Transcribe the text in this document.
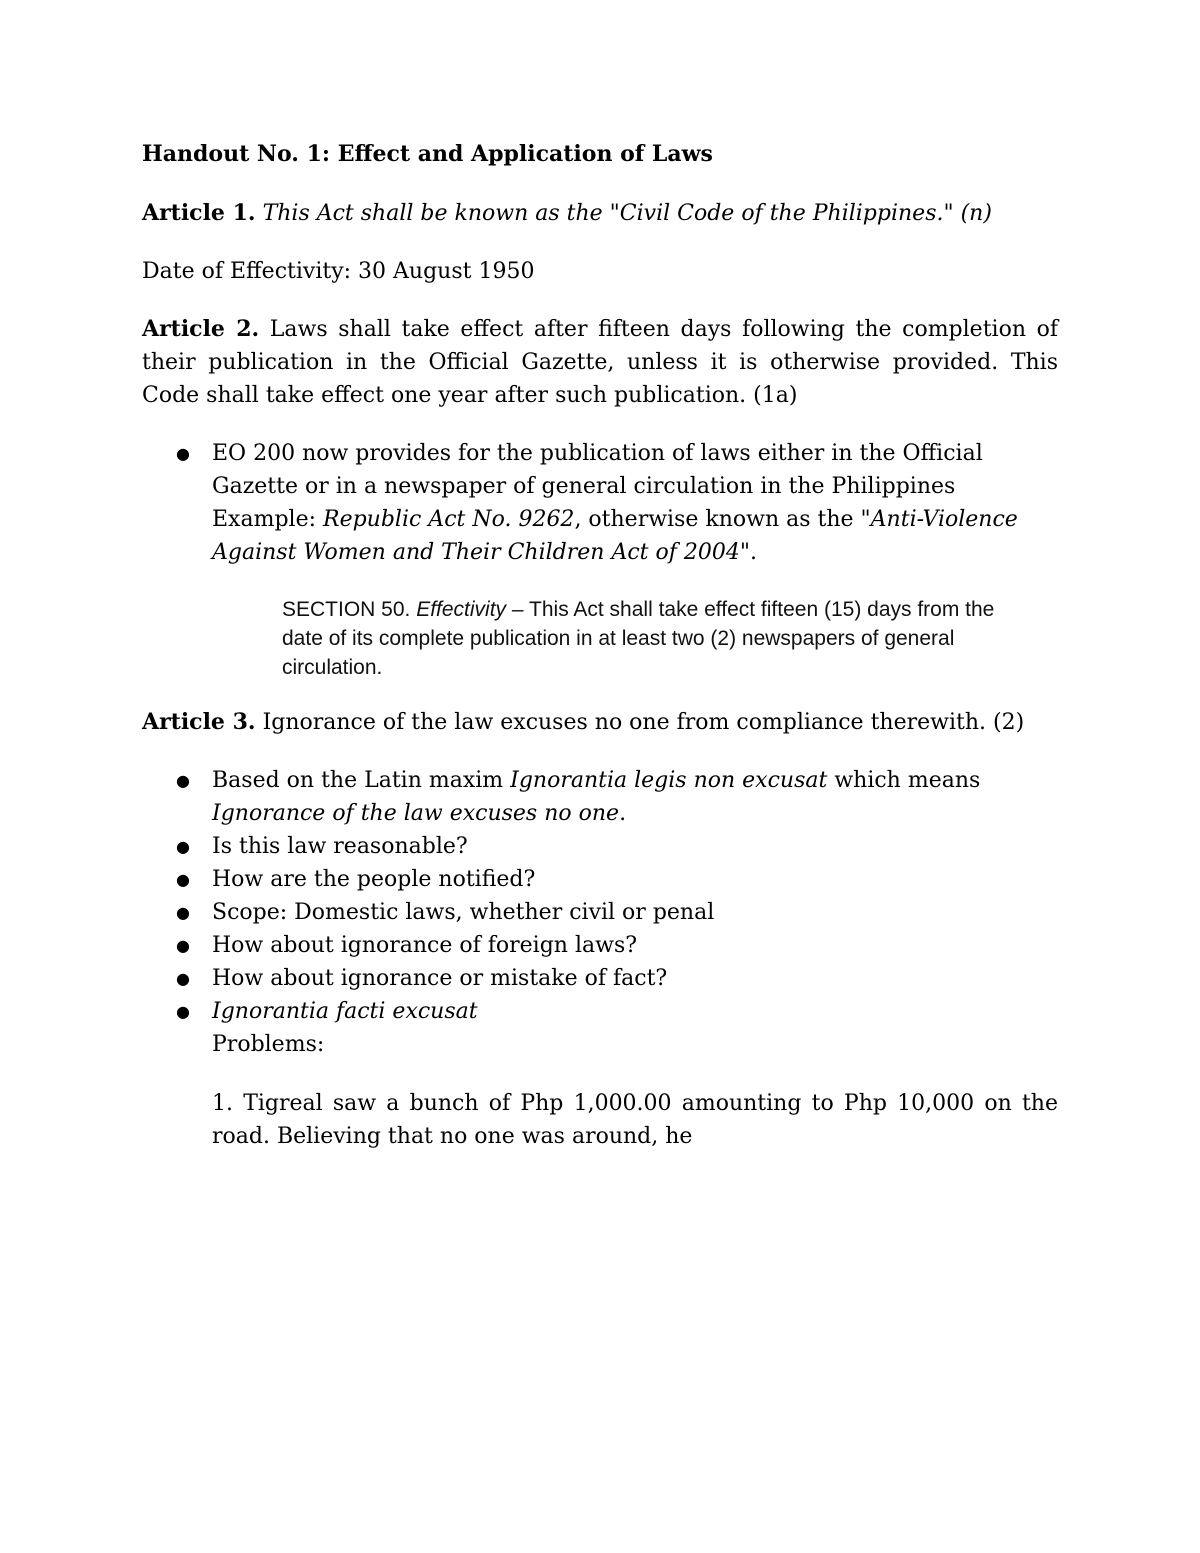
Handout No. 1: Effect and Application of Laws

Article 1. This Act shall be known as the "Civil Code of the Philippines." (n)

Date of Effectivity: 30 August 1950

Article 2. Laws shall take effect after fifteen days following the completion of their publication in the Official Gazette, unless it is otherwise provided. This Code shall take effect one year after such publication. (1a)

● EO 200 now provides for the publication of laws either in the Official Gazette or in a newspaper of general circulation in the Philippines

Example: Republic Act No. 9262, otherwise known as the "Anti-Violence Against Women and Their Children Act of 2004".

SECTION 50. Effectivity – This Act shall take effect fifteen (15) days from the date of its complete publication in at least two (2) newspapers of general circulation.

Article 3. Ignorance of the law excuses no one from compliance therewith. (2)

● Based on the Latin maxim Ignorantia legis non excusat which means Ignorance of the law excuses no one.
● Is this law reasonable?
● How are the people notified?
● Scope: Domestic laws, whether civil or penal
● How about ignorance of foreign laws?
● How about ignorance or mistake of fact?
● Ignorantia facti excusat

Problems:

1. Tigreal saw a bunch of Php 1,000.00 amounting to Php 10,000 on the road. Believing that no one was around, he
